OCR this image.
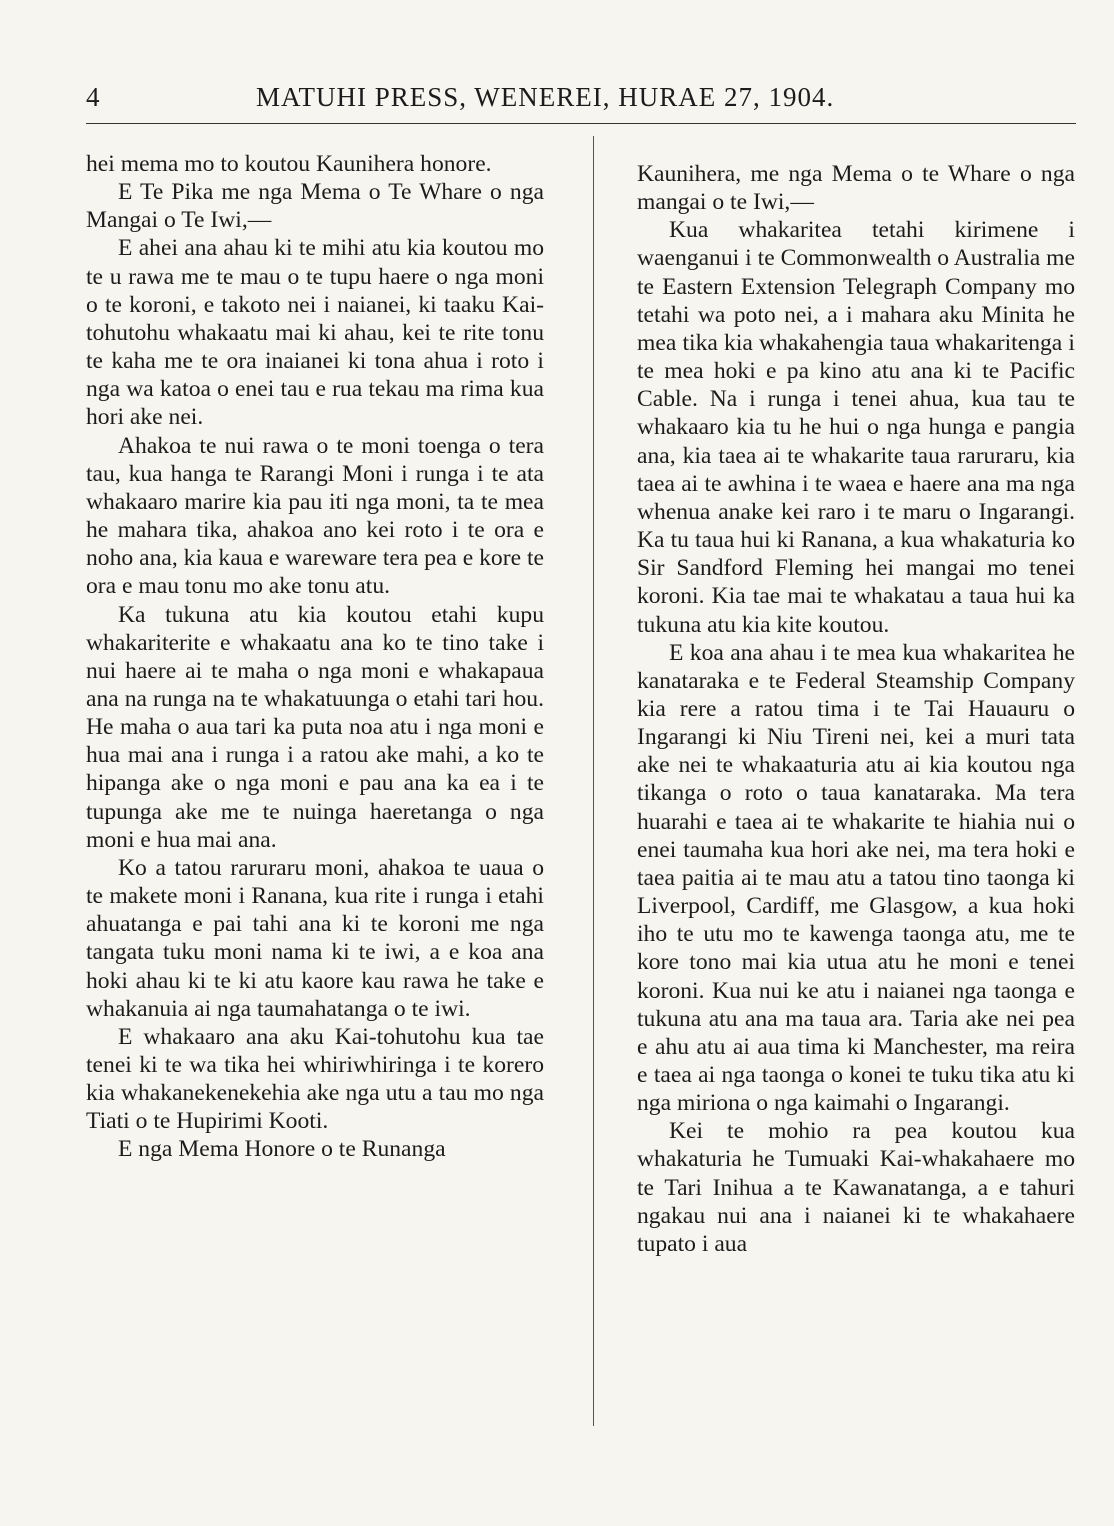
4	MATUHI PRESS, WENEREI, HURAE 27, 1904.

hei mema mo to koutou Kaunihera honore.

E Te Pika me nga Mema o Te Whare o nga Mangai o Te Iwi,—

E ahei ana ahau ki te mihi atu kia koutou mo te u rawa me te mau o te tupu haere o nga moni o te koroni, e takoto nei i naianei, ki taaku Kai-tohutohu whakaatu mai ki ahau, kei te rite tonu te kaha me te ora inaianei ki tona ahua i roto i nga wa katoa o enei tau e rua tekau ma rima kua hori ake nei.

Ahakoa te nui rawa o te moni toenga o tera tau, kua hanga te Rarangi Moni i runga i te ata whakaaro marire kia pau iti nga moni, ta te mea he mahara tika, ahakoa ano kei roto i te ora e noho ana, kia kaua e wareware tera pea e kore te ora e mau tonu mo ake tonu atu.

Ka tukuna atu kia koutou etahi kupu whakariterite e whakaatu ana ko te tino take i nui haere ai te maha o nga moni e whakapaua ana na runga na te whakatuunga o etahi tari hou. He maha o aua tari ka puta noa atu i nga moni e hua mai ana i runga i a ratou ake mahi, a ko te hipanga ake o nga moni e pau ana ka ea i te tupunga ake me te nuinga haeretanga o nga moni e hua mai ana.

Ko a tatou raruraru moni, ahakoa te uaua o te makete moni i Ranana, kua rite i runga i etahi ahuatanga e pai tahi ana ki te koroni me nga tangata tuku moni nama ki te iwi, a e koa ana hoki ahau ki te ki atu kaore kau rawa he take e whakanuia ai nga taumahatanga o te iwi.

E whakaaro ana aku Kai-tohutohu kua tae tenei ki te wa tika hei whiriwhiringa i te korero kia whakanekenekehia ake nga utu a tau mo nga Tiati o te Hupirimi Kooti.

E nga Mema Honore o te Runanga

Kaunihera, me nga Mema o te Whare o nga mangai o te Iwi,—

Kua whakaritea tetahi kirimene i waenganui i te Commonwealth o Australia me te Eastern Extension Telegraph Company mo tetahi wa poto nei, a i mahara aku Minita he mea tika kia whakahengia taua whakaritenga i te mea hoki e pa kino atu ana ki te Pacific Cable. Na i runga i tenei ahua, kua tau te whakaaro kia tu he hui o nga hunga e pangia ana, kia taea ai te whakarite taua raruraru, kia taea ai te awhina i te waea e haere ana ma nga whenua anake kei raro i te maru o Ingarangi. Ka tu taua hui ki Ranana, a kua whakaturia ko Sir Sandford Fleming hei mangai mo tenei koroni. Kia tae mai te whakatau a taua hui ka tukuna atu kia kite koutou.

E koa ana ahau i te mea kua whakaritea he kanataraka e te Federal Steamship Company kia rere a ratou tima i te Tai Hauauru o Ingarangi ki Niu Tireni nei, kei a muri tata ake nei te whakaaturia atu ai kia koutou nga tikanga o roto o taua kanataraka. Ma tera huarahi e taea ai te whakarite te hiahia nui o enei taumaha kua hori ake nei, ma tera hoki e taea paitia ai te mau atu a tatou tino taonga ki Liverpool, Cardiff, me Glasgow, a kua hoki iho te utu mo te kawenga taonga atu, me te kore tono mai kia utua atu he moni e tenei koroni. Kua nui ke atu i naianei nga taonga e tukuna atu ana ma taua ara. Taria ake nei pea e ahu atu ai aua tima ki Manchester, ma reira e taea ai nga taonga o konei te tuku tika atu ki nga miriona o nga kaimahi o Ingarangi.

Kei te mohio ra pea koutou kua whakaturia he Tumuaki Kai-whakahaere mo te Tari Inihua a te Kawanatanga, a e tahuri ngakau nui ana i naianei ki te whakahaere tupato i aua
